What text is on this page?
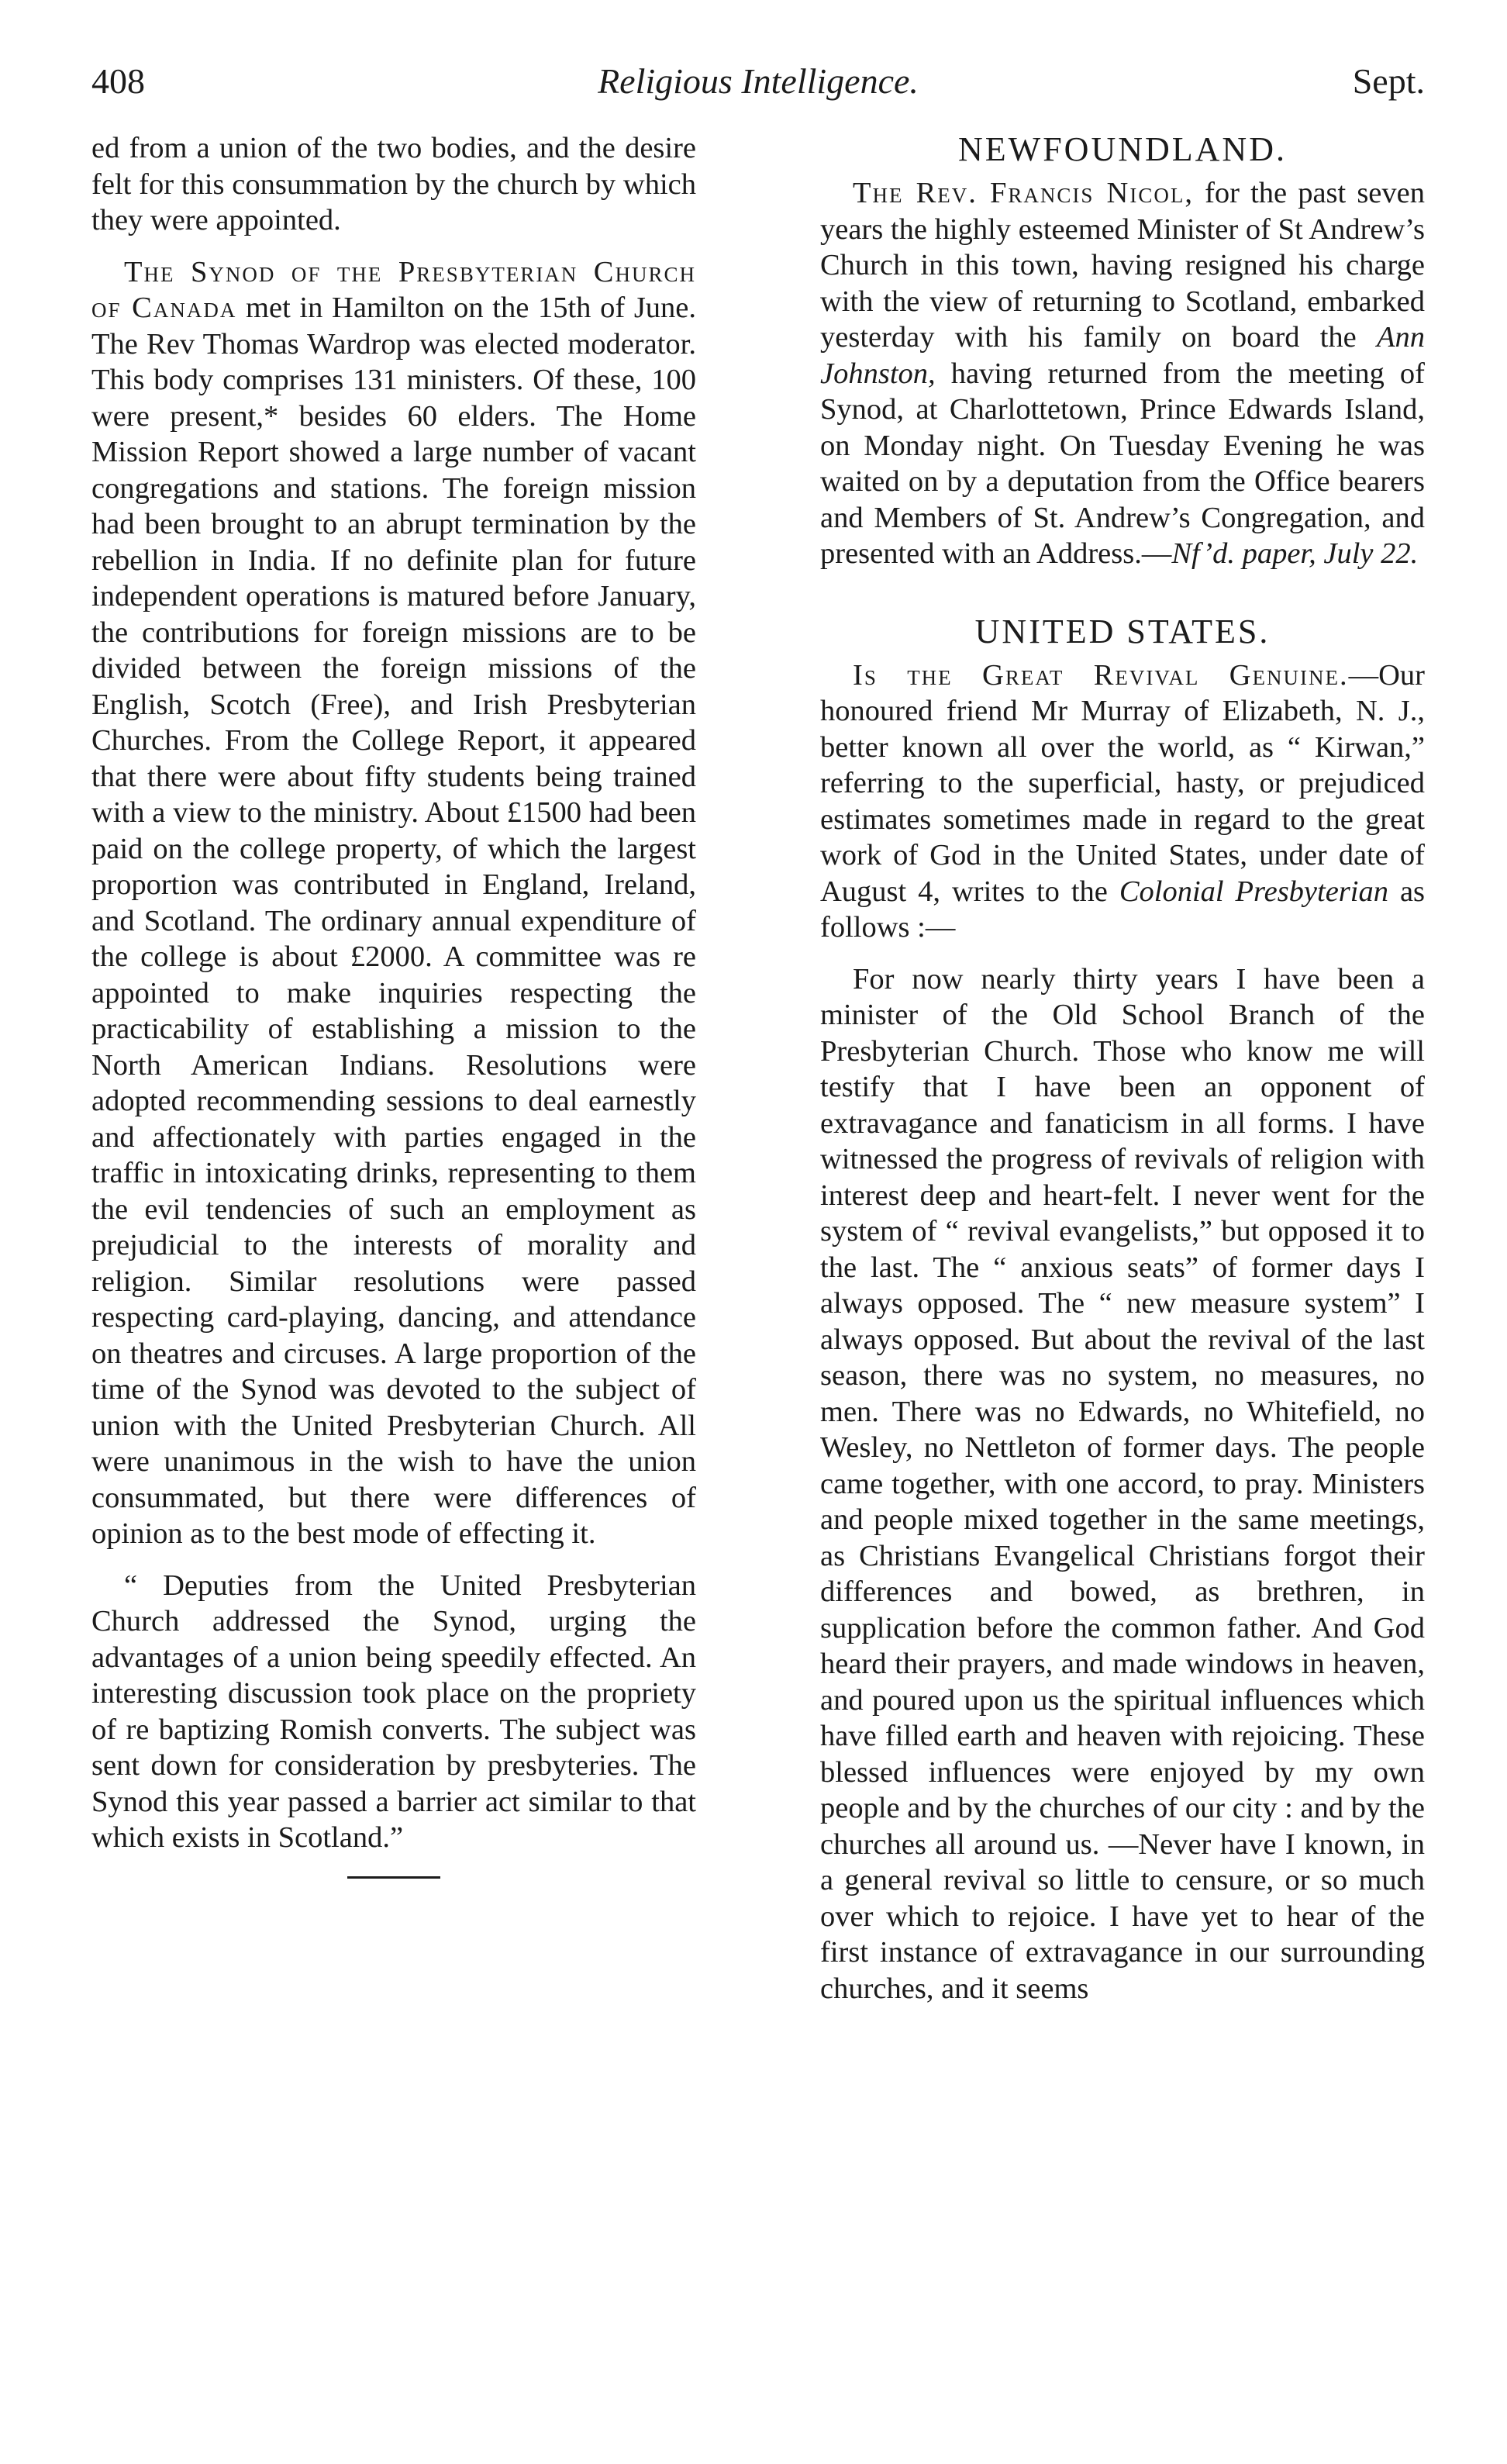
408	Religious Intelligence.	Sept.

ed from a union of the two bodies, and the desire felt for this consummation by the church by which they were appointed.

The Synod of the Presbyterian Church of Canada met in Hamilton on the 15th of June. The Rev Thomas Wardrop was elected moderator. This body comprises 131 ministers. Of these, 100 were present,* besides 60 elders. The Home Mission Report showed a large number of vacant congregations and stations. The foreign mission had been brought to an abrupt termination by the rebellion in India. If no definite plan for future independent operations is matured before January, the contributions for foreign missions are to be divided between the foreign missions of the English, Scotch (Free), and Irish Presbyterian Churches. From the College Report, it appeared that there were about fifty students being trained with a view to the ministry. About £1500 had been paid on the college property, of which the largest proportion was contributed in England, Ireland, and Scotland. The ordinary annual expenditure of the college is about £2000. A committee was re appointed to make inquiries respecting the practicability of establishing a mission to the North American Indians. Resolutions were adopted recommending sessions to deal earnestly and affectionately with parties engaged in the traffic in intoxicating drinks, representing to them the evil tendencies of such an employment as prejudicial to the interests of morality and religion. Similar resolutions were passed respecting card-playing, dancing, and attendance on theatres and circuses. A large proportion of the time of the Synod was devoted to the subject of union with the United Presbyterian Church. All were unanimous in the wish to have the union consummated, but there were differences of opinion as to the best mode of effecting it.

“ Deputies from the United Presbyterian Church addressed the Synod, urging the advantages of a union being speedily effected. An interesting discussion took place on the propriety of re baptizing Romish converts. The subject was sent down for consideration by presbyteries. The Synod this year passed a barrier act similar to that which exists in Scotland.”

NEWFOUNDLAND.

The Rev. Francis Nicol, for the past seven years the highly esteemed Minister of St Andrew’s Church in this town, having resigned his charge with the view of returning to Scotland, embarked yesterday with his family on board the Ann Johnston, having returned from the meeting of Synod, at Charlottetown, Prince Edwards Island, on Monday night. On Tuesday Evening he was waited on by a deputation from the Office bearers and Members of St. Andrew’s Congregation, and presented with an Address.—Nf’d. paper, July 22.

UNITED STATES.

Is the Great Revival Genuine.—Our honoured friend Mr Murray of Elizabeth, N. J., better known all over the world, as “ Kirwan,” referring to the superficial, hasty, or prejudiced estimates sometimes made in regard to the great work of God in the United States, under date of August 4, writes to the Colonial Presbyterian as follows :—

For now nearly thirty years I have been a minister of the Old School Branch of the Presbyterian Church. Those who know me will testify that I have been an opponent of extravagance and fanaticism in all forms. I have witnessed the progress of revivals of religion with interest deep and heart-felt. I never went for the system of “ revival evangelists,” but opposed it to the last. The “ anxious seats” of former days I always opposed. The “ new measure system” I always opposed. But about the revival of the last season, there was no system, no measures, no men. There was no Edwards, no Whitefield, no Wesley, no Nettleton of former days. The people came together, with one accord, to pray. Ministers and people mixed together in the same meetings, as Christians Evangelical Christians forgot their differences and bowed, as brethren, in supplication before the common father. And God heard their prayers, and made windows in heaven, and poured upon us the spiritual influences which have filled earth and heaven with rejoicing. These blessed influences were enjoyed by my own people and by the churches of our city : and by the churches all around us. —Never have I known, in a general revival so little to censure, or so much over which to rejoice. I have yet to hear of the first instance of extravagance in our surrounding churches, and it seems
